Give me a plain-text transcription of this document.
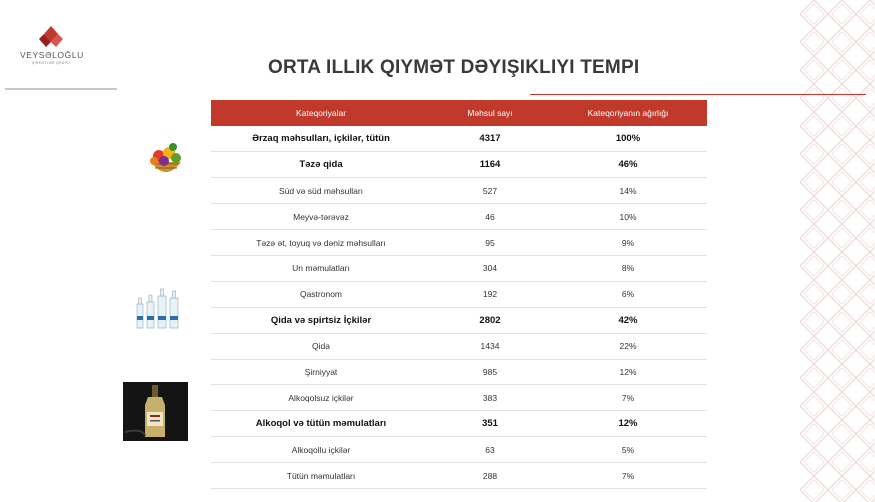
VEYSƏLOĞLU
ŞİRKƏTLƏR QRUPU	ORTA ILLIK QIYMƏT DƏYIŞIKLIYI TEMPI
Kateqoriyalar	Məhsul sayı	Kateqoriyanın ağırlığı
Ərzaq məhsulları, içkilər, tütün	4317	100%
Təzə qida	1164	46%
Süd və süd məhsulları	527	14%
Meyvə-tərəvəz	46	10%
Təzə ət, toyuq və dəniz məhsulları	95	9%
Un məmulatları	304	8%
Qastronom	192	6%
Qida və spirtsiz İçkilər	2802	42%
Qida	1434	22%
Şirniyyat	985	12%
Alkoqolsuz içkilər	383	7%
Alkoqol və tütün məmulatları	351	12%
Alkoqollu içkilər	63	5%
Tütün məmulatları	288	7%
